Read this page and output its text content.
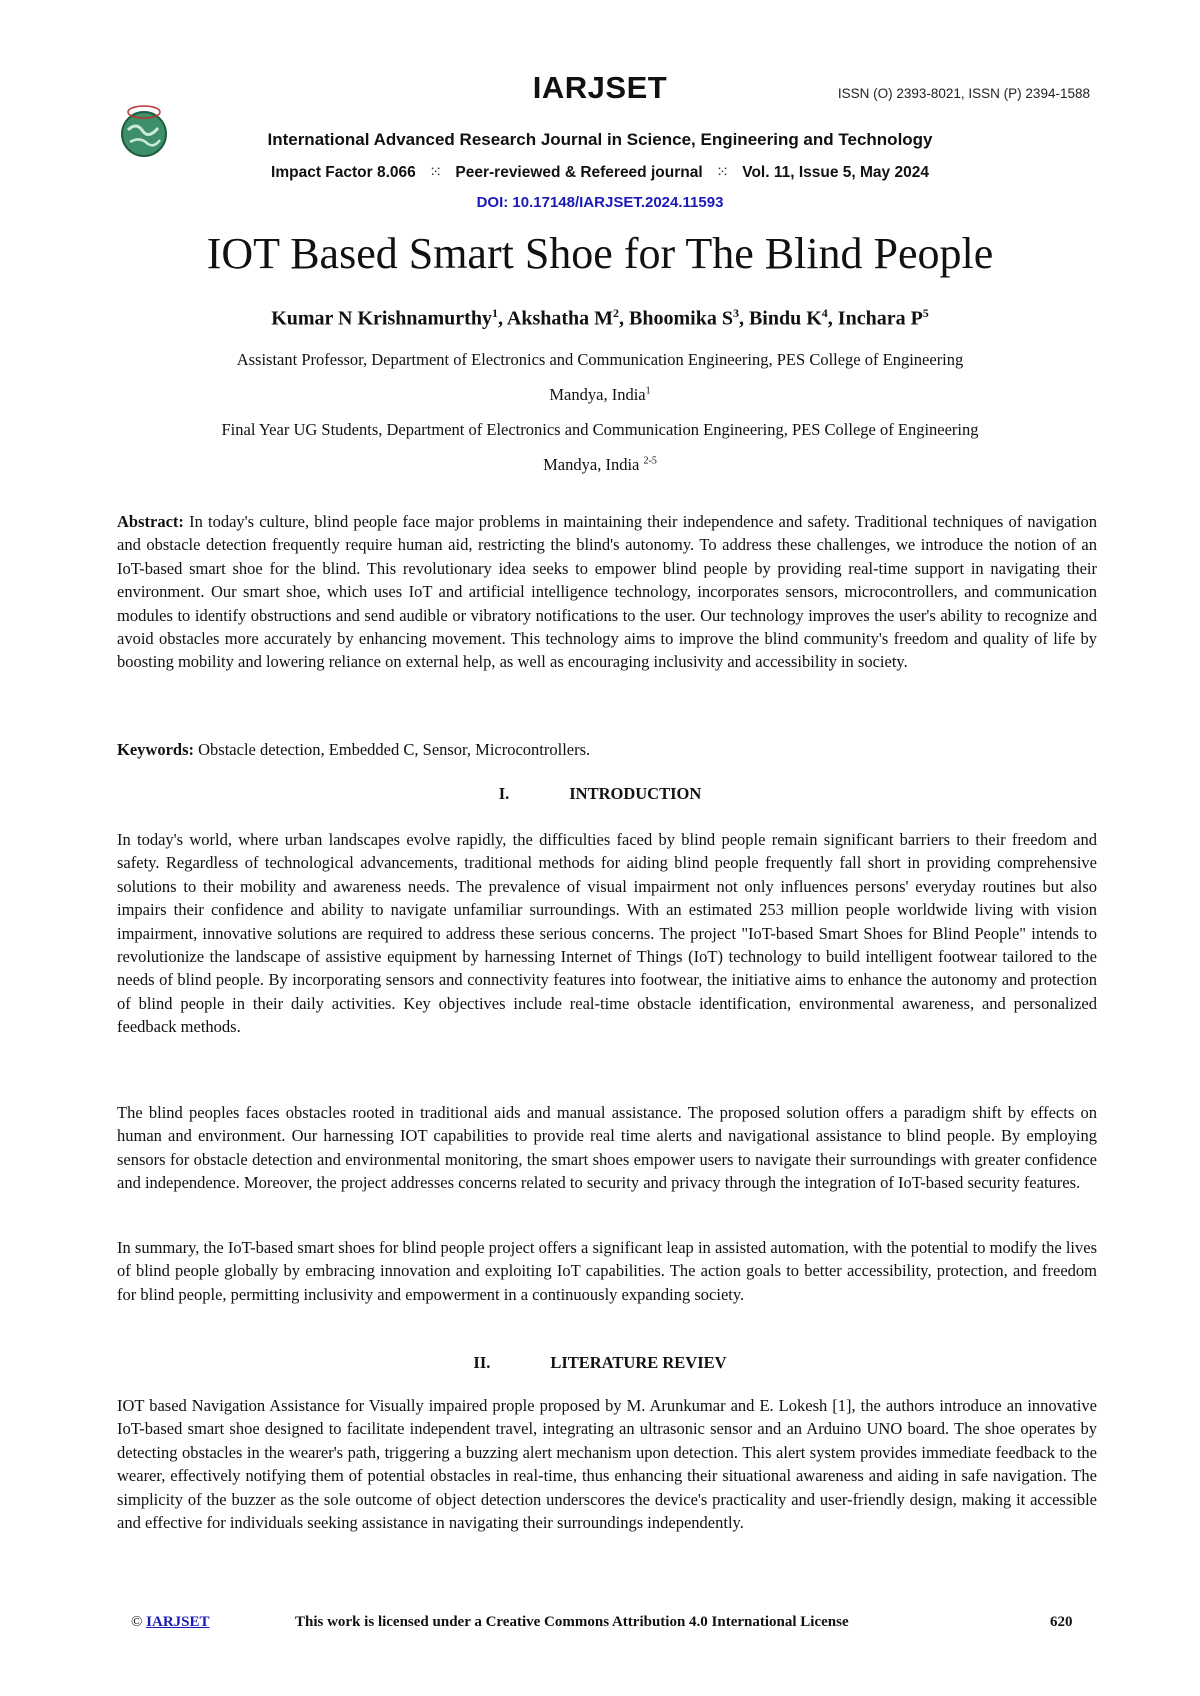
IARJSET	ISSN (O) 2393-8021, ISSN (P) 2394-1588
International Advanced Research Journal in Science, Engineering and Technology
Impact Factor 8.066 ⁙ Peer-reviewed & Refereed journal ⁙ Vol. 11, Issue 5, May 2024
DOI: 10.17148/IARJSET.2024.11593
IOT Based Smart Shoe for The Blind People
Kumar N Krishnamurthy$^1$, Akshatha $M^2$, Bhoomika $S^3$, Bindu $K^4$, Inchara $P^5$
Assistant Professor, Department of Electronics and Communication Engineering, PES College of Engineering
Mandya, India$^1$
Final Year UG Students, Department of Electronics and Communication Engineering, PES College of Engineering
Mandya, India $^{2-5}$

Abstract: In today's culture, blind people face major problems in maintaining their independence and safety. Traditional techniques of navigation and obstacle detection frequently require human aid, restricting the blind's autonomy. To address these challenges, we introduce the notion of an IoT-based smart shoe for the blind. This revolutionary idea seeks to empower blind people by providing real-time support in navigating their environment. Our smart shoe, which uses IoT and artificial intelligence technology, incorporates sensors, microcontrollers, and communication modules to identify obstructions and send audible or vibratory notifications to the user. Our technology improves the user's ability to recognize and avoid obstacles more accurately by enhancing movement. This technology aims to improve the blind community's freedom and quality of life by boosting mobility and lowering reliance on external help, as well as encouraging inclusivity and accessibility in society.

Keywords: Obstacle detection, Embedded C, Sensor, Microcontrollers.

I.	INTRODUCTION

In today's world, where urban landscapes evolve rapidly, the difficulties faced by blind people remain significant barriers to their freedom and safety. Regardless of technological advancements, traditional methods for aiding blind people frequently fall short in providing comprehensive solutions to their mobility and awareness needs. The prevalence of visual impairment not only influences persons' everyday routines but also impairs their confidence and ability to navigate unfamiliar surroundings. With an estimated 253 million people worldwide living with vision impairment, innovative solutions are required to address these serious concerns. The project "IoT-based Smart Shoes for Blind People" intends to revolutionize the landscape of assistive equipment by harnessing Internet of Things (IoT) technology to build intelligent footwear tailored to the needs of blind people. By incorporating sensors and connectivity features into footwear, the initiative aims to enhance the autonomy and protection of blind people in their daily activities. Key objectives include real-time obstacle identification, environmental awareness, and personalized feedback methods.

The blind peoples faces obstacles rooted in traditional aids and manual assistance. The proposed solution offers a paradigm shift by effects on human and environment. Our harnessing IOT capabilities to provide real time alerts and navigational assistance to blind people. By employing sensors for obstacle detection and environmental monitoring, the smart shoes empower users to navigate their surroundings with greater confidence and independence. Moreover, the project addresses concerns related to security and privacy through the integration of IoT-based security features.

In summary, the IoT-based smart shoes for blind people project offers a significant leap in assisted automation, with the potential to modify the lives of blind people globally by embracing innovation and exploiting IoT capabilities. The action goals to better accessibility, protection, and freedom for blind people, permitting inclusivity and empowerment in a continuously expanding society.

II.	LITERATURE REVIEV

IOT based Navigation Assistance for Visually impaired prople proposed by M. Arunkumar and E. Lokesh [1], the authors introduce an innovative IoT-based smart shoe designed to facilitate independent travel, integrating an ultrasonic sensor and an Arduino UNO board. The shoe operates by detecting obstacles in the wearer's path, triggering a buzzing alert mechanism upon detection. This alert system provides immediate feedback to the wearer, effectively notifying them of potential obstacles in real-time, thus enhancing their situational awareness and aiding in safe navigation. The simplicity of the buzzer as the sole outcome of object detection underscores the device's practicality and user-friendly design, making it accessible and effective for individuals seeking assistance in navigating their surroundings independently.

© IARJSET	This work is licensed under a Creative Commons Attribution 4.0 International License	620
